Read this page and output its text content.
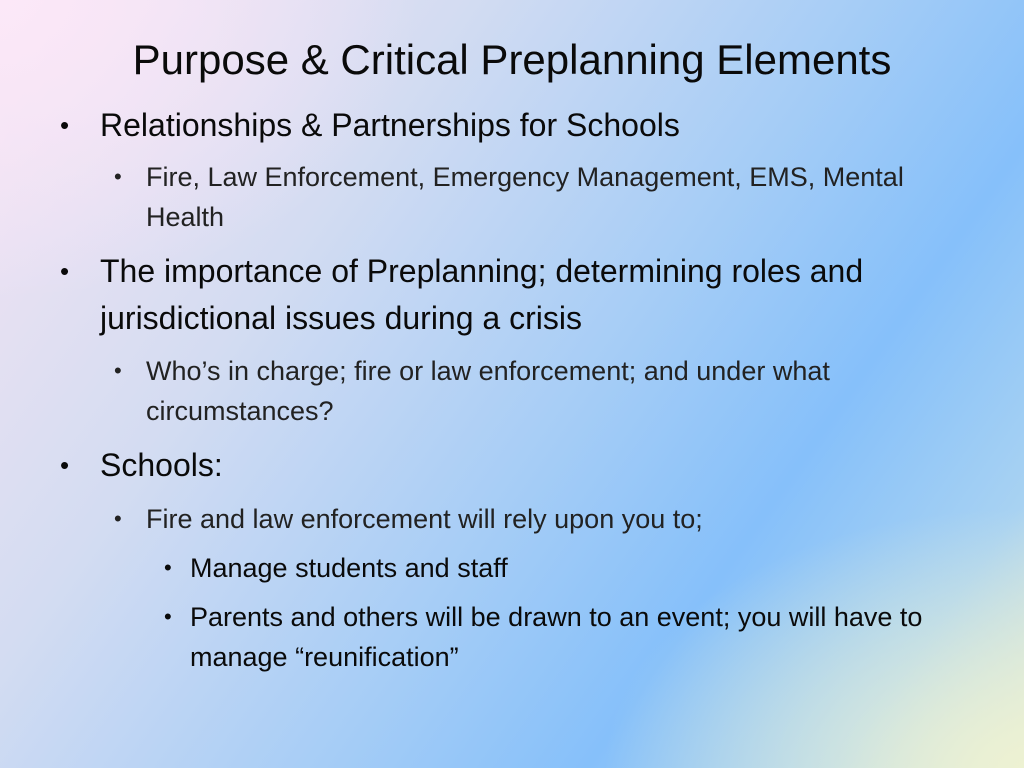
Purpose & Critical Preplanning Elements

• Relationships & Partnerships for Schools

• Fire, Law Enforcement, Emergency Management, EMS, Mental Health

• The importance of Preplanning; determining roles and jurisdictional issues during a crisis

• Who’s in charge; fire or law enforcement; and under what circumstances?

• Schools:

• Fire and law enforcement will rely upon you to;

• Manage students and staff

• Parents and others will be drawn to an event; you will have to manage “reunification”
